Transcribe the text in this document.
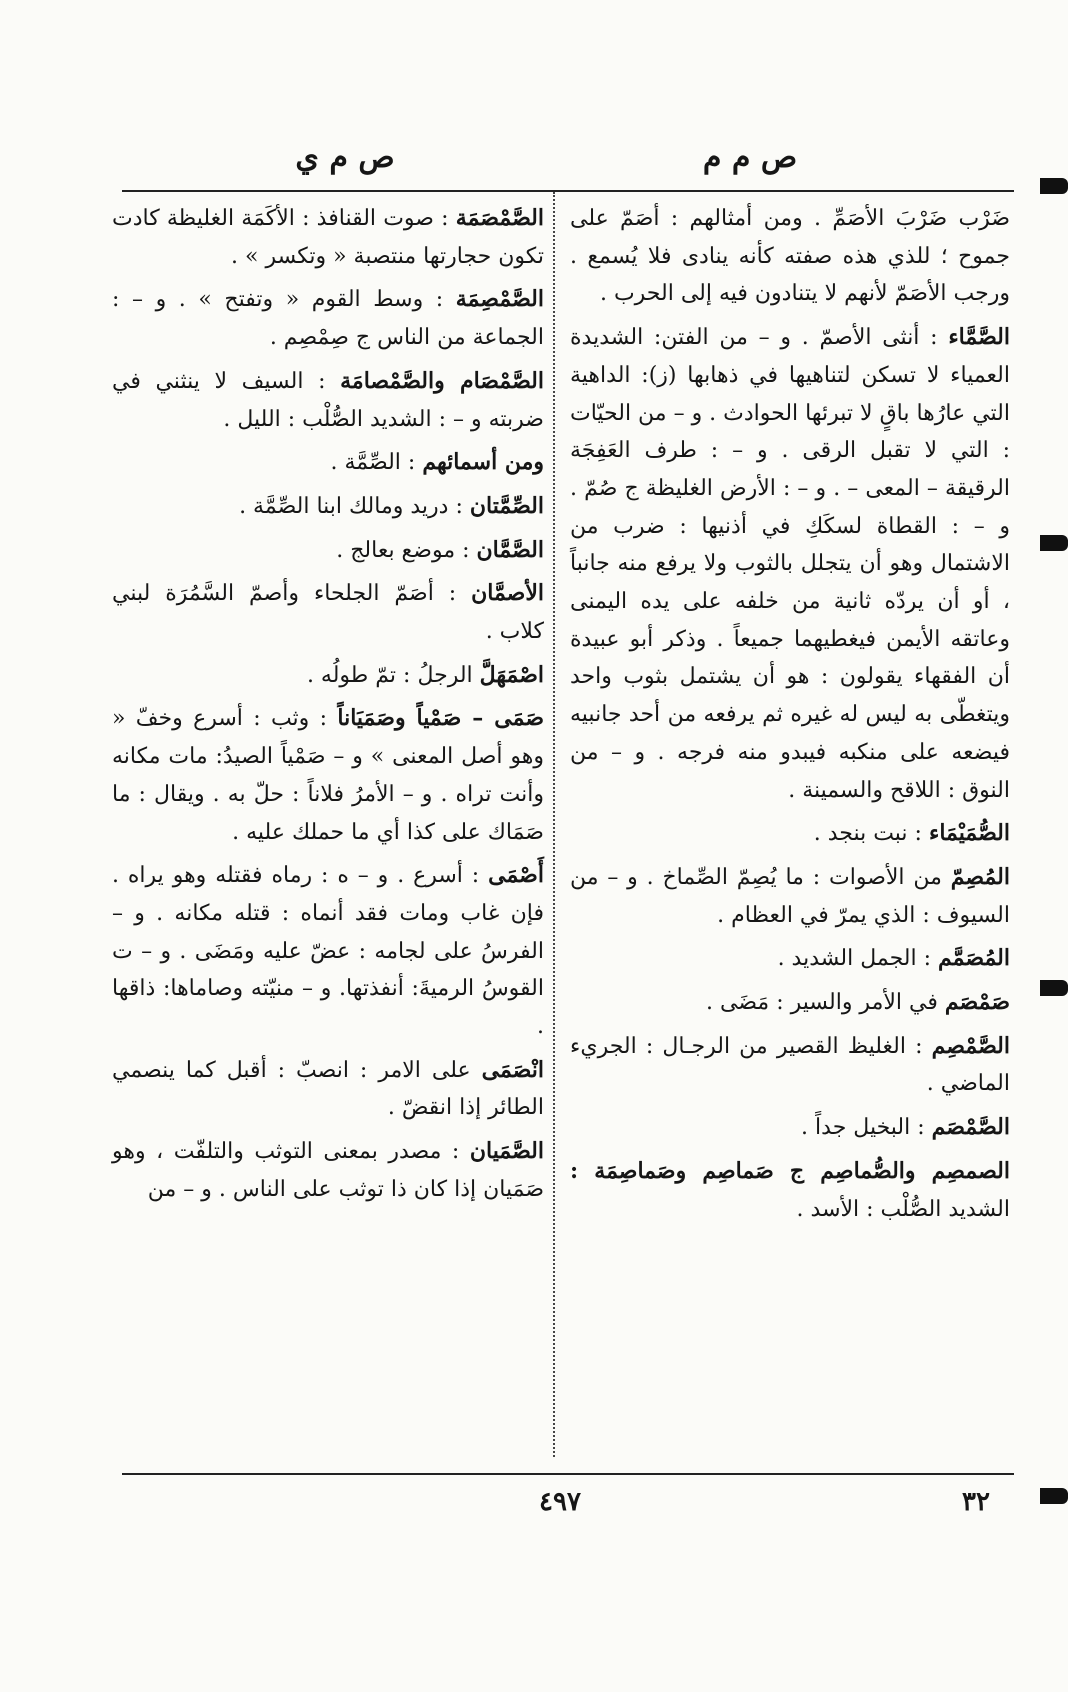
ص م م
ص م ي
ضَرْب ضَرْبَ الأصَمِّ . ومن أمثالهم : أصَمّ على جموح ؛ للذي هذه صفته كأنه ينادى فلا يُسمع . ورجب الأصَمّ لأنهم لا يتنادون فيه إلى الحرب .
الصَّمَّاء : أنثى الأصمّ . و – من الفتن: الشديدة العمياء لا تسكن لتناهيها في ذهابها (ز): الداهية التي عارُها باقٍ لا تبرئها الحوادث . و – من الحيّات : التي لا تقبل الرقى . و – : طرف العَفِجَة الرقيقة – المعى – . و – : الأرض الغليظة ج صُمّ . و – : القطاة لسكَكِ في أذنيها : ضرب من الاشتمال وهو أن يتجلل بالثوب ولا يرفع منه جانباً ، أو أن يردّه ثانية من خلفه على يده اليمنى وعاتقه الأيمن فيغطيهما جميعاً . وذكر أبو عبيدة أن الفقهاء يقولون : هو أن يشتمل بثوب واحد ويتغطّى به ليس له غيره ثم يرفعه من أحد جانبيه فيضعه على منكبه فيبدو منه فرجه . و – من النوق : اللاقح والسمينة .
الصُّمَيْمَاء : نبت بنجد .
المُصِمّ من الأصوات : ما يُصِمّ الصِّماخ . و – من السيوف : الذي يمرّ في العظام .
المُصَمَّم : الجمل الشديد .
صَمْصَم في الأمر والسير : مَضَى .
الصَّمْصِم : الغليظ القصير من الرجـال : الجريء الماضي .
الصَّمْصَم : البخيل جداً .
الصمصِم والصُّماصِم ج صَماصِم وصَماصِمَة : الشديد الصُّلْب : الأسد .
الصَّمْصَمَة : صوت القنافذ : الأكَمَة الغليظة كادت تكون حجارتها منتصبة « وتكسر » .
الصَّمْصِمَة : وسط القوم « وتفتح » . و – : الجماعة من الناس ج صِمْصِم .
الصَّمْصَام والصَّمْصامَة : السيف لا ينثني في ضربته و – : الشديد الصُّلْب : الليل .
ومن أسمائهم : الصِّمَّة .
الصِّمَّتان : دريد ومالك ابنا الصِّمَّة .
الصَّمَّان : موضع بعالج .
الأصمَّان : أصَمّ الجلحاء وأصمّ السَّمُرَة لبني كلاب .
اصْمَهَلَّ الرجلُ : تمّ طولُه .
صَمَى – صَمْياً وصَمَيَاناً : وثب : أسرع وخفّ « وهو أصل المعنى » و – صَمْياً الصيدُ: مات مكانه وأنت تراه . و – الأمرُ فلاناً : حلّ به . ويقال : ما صَمَاك على كذا أي ما حملك عليه .
أَصْمَى : أسرع . و – ه : رماه فقتله وهو يراه . فإن غاب ومات فقد أنماه : قتله مكانه . و – الفرسُ على لجامه : عضّ عليه ومَضَى . و – ت القوسُ الرميةَ: أنفذتها. و – منيّته وصاماها: ذاقها .
انْصَمَى على الامر : انصبّ : أقبل كما ينصمي الطائر إذا انقضّ .
الصَّمَيان : مصدر بمعنى التوثب والتلفّت ، وهو صَمَيان إذا كان ذا توثب على الناس . و – من
٣٢
٤٩٧
